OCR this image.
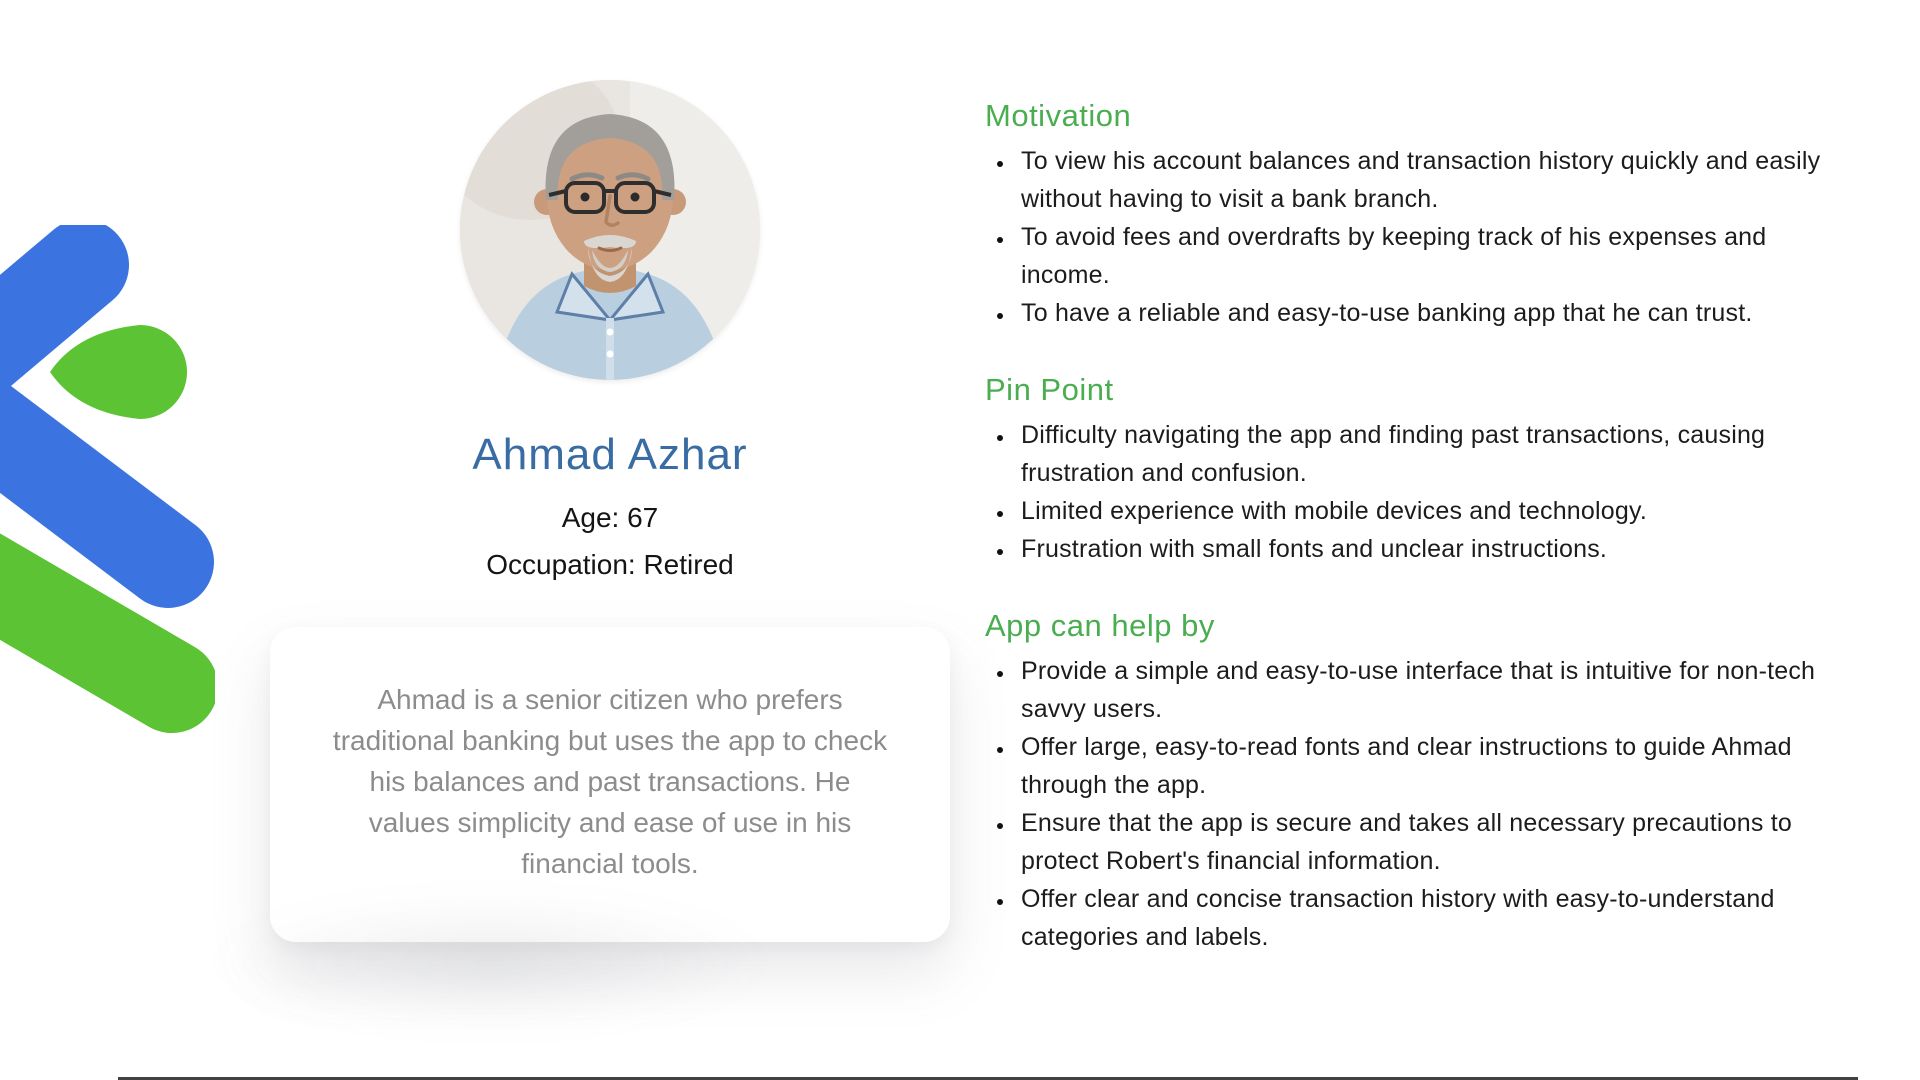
Ahmad Azhar
Age: 67
Occupation: Retired

Ahmad is a senior citizen who prefers traditional banking but uses the app to check his balances and past transactions. He values simplicity and ease of use in his financial tools.

Motivation
• To view his account balances and transaction history quickly and easily without having to visit a bank branch.
• To avoid fees and overdrafts by keeping track of his expenses and income.
• To have a reliable and easy-to-use banking app that he can trust.
Pin Point
• Difficulty navigating the app and finding past transactions, causing frustration and confusion.
• Limited experience with mobile devices and technology.
• Frustration with small fonts and unclear instructions.
App can help by
• Provide a simple and easy-to-use interface that is intuitive for non-tech savvy users.
• Offer large, easy-to-read fonts and clear instructions to guide Ahmad through the app.
• Ensure that the app is secure and takes all necessary precautions to protect Robert's financial information.
• Offer clear and concise transaction history with easy-to-understand categories and labels.
